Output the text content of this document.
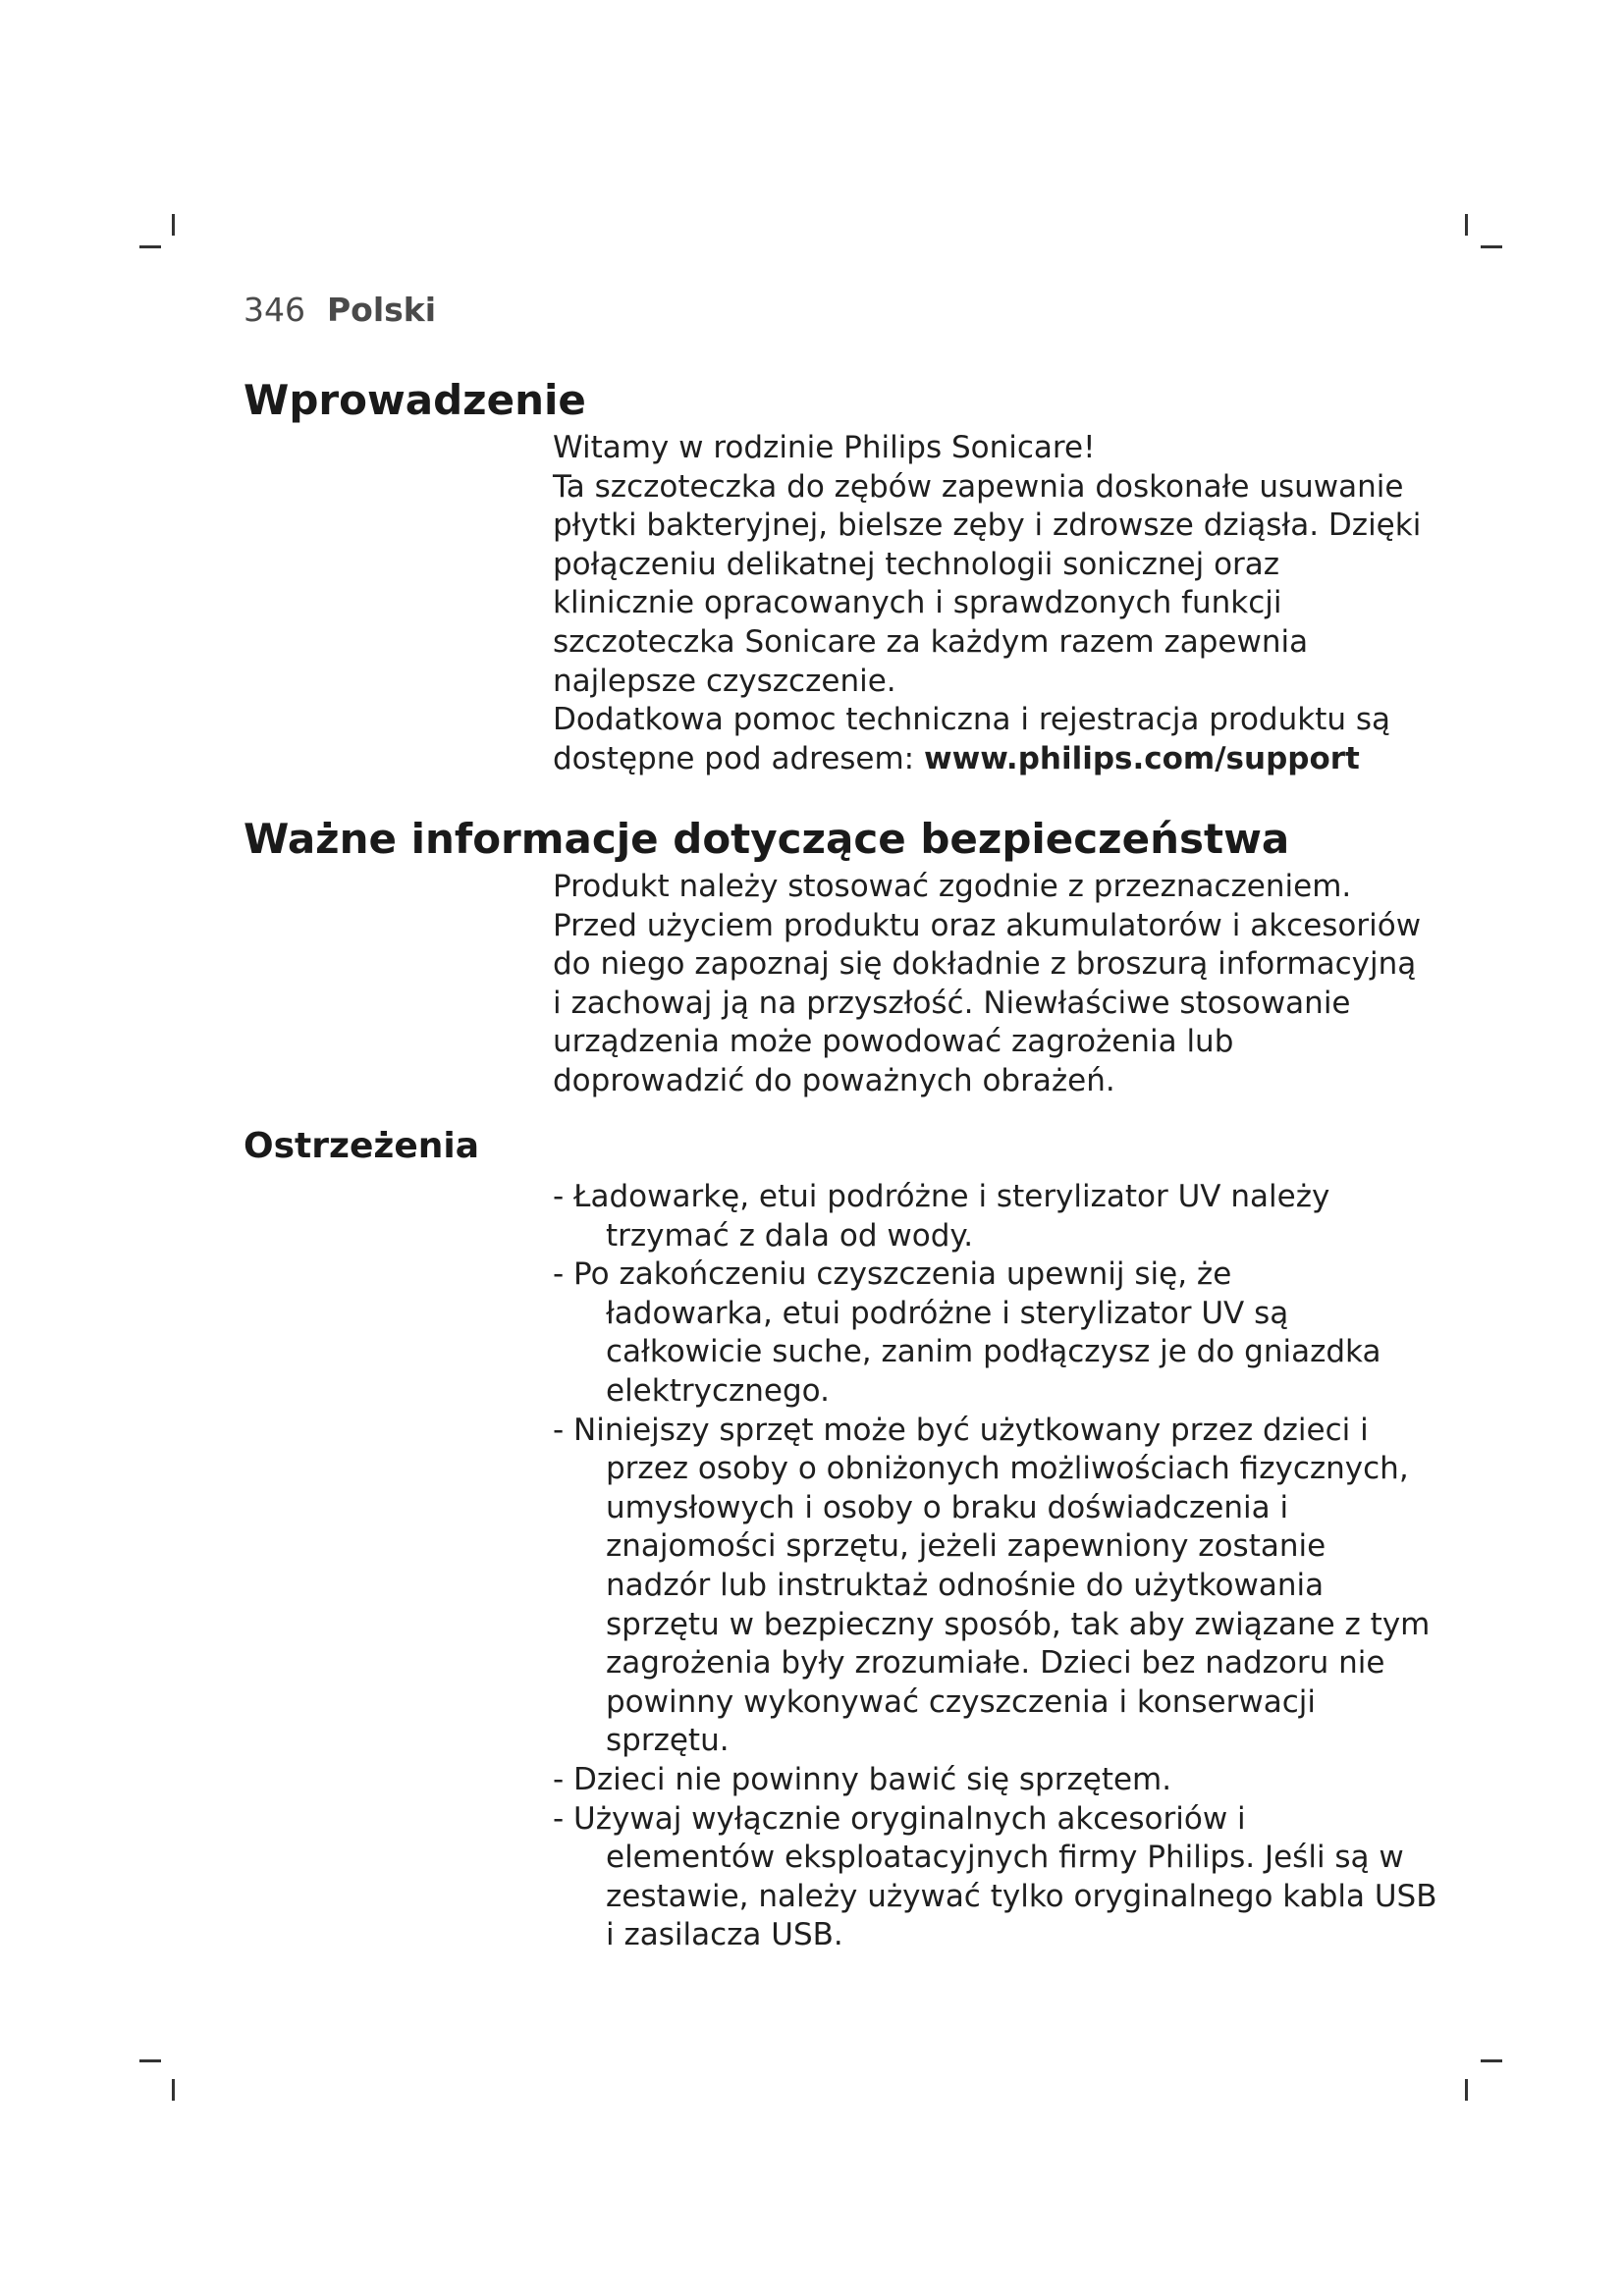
346 Polski
Wprowadzenie
Witamy w rodzinie Philips Sonicare!
Ta szczoteczka do zębów zapewnia doskonałe usuwanie
płytki bakteryjnej, bielsze zęby i zdrowsze dziąsła. Dzięki
połączeniu delikatnej technologii sonicznej oraz
klinicznie opracowanych i sprawdzonych funkcji
szczoteczka Sonicare za każdym razem zapewnia
najlepsze czyszczenie.
Dodatkowa pomoc techniczna i rejestracja produktu są
dostępne pod adresem: www.philips.com/support
Ważne informacje dotyczące bezpieczeństwa
Produkt należy stosować zgodnie z przeznaczeniem.
Przed użyciem produktu oraz akumulatorów i akcesoriów
do niego zapoznaj się dokładnie z broszurą informacyjną
i zachowaj ją na przyszłość. Niewłaściwe stosowanie
urządzenia może powodować zagrożenia lub
doprowadzić do poważnych obrażeń.
Ostrzeżenia
- Ładowarkę, etui podróżne i sterylizator UV należy
trzymać z dala od wody.
- Po zakończeniu czyszczenia upewnij się, że
ładowarka, etui podróżne i sterylizator UV są
całkowicie suche, zanim podłączysz je do gniazdka
elektrycznego.
- Niniejszy sprzęt może być użytkowany przez dzieci i
przez osoby o obniżonych możliwościach fizycznych,
umysłowych i osoby o braku doświadczenia i
znajomości sprzętu, jeżeli zapewniony zostanie
nadzór lub instruktaż odnośnie do użytkowania
sprzętu w bezpieczny sposób, tak aby związane z tym
zagrożenia były zrozumiałe. Dzieci bez nadzoru nie
powinny wykonywać czyszczenia i konserwacji
sprzętu.
- Dzieci nie powinny bawić się sprzętem.
- Używaj wyłącznie oryginalnych akcesoriów i
elementów eksploatacyjnych firmy Philips. Jeśli są w
zestawie, należy używać tylko oryginalnego kabla USB
i zasilacza USB.
